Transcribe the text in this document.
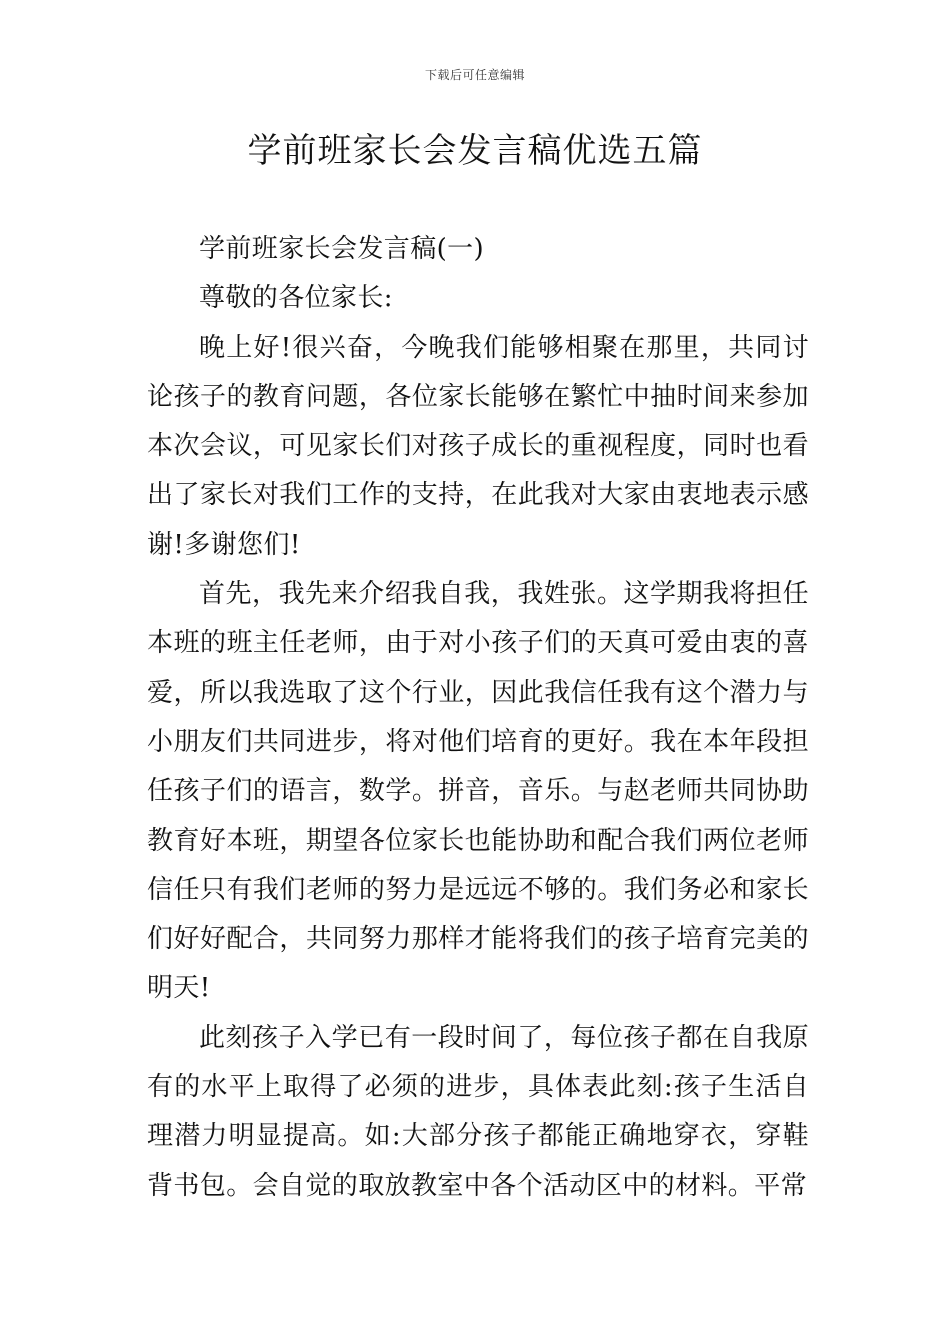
下载后可任意编辑
学前班家长会发言稿优选五篇

学前班家长会发言稿(一)

尊敬的各位家长:

晚上好!很兴奋，今晚我们能够相聚在那里，共同讨论孩子的教育问题，各位家长能够在繁忙中抽时间来参加本次会议，可见家长们对孩子成长的重视程度，同时也看出了家长对我们工作的支持，在此我对大家由衷地表示感谢!多谢您们!

首先，我先来介绍我自我，我姓张。这学期我将担任本班的班主任老师，由于对小孩子们的天真可爱由衷的喜爱，所以我选取了这个行业，因此我信任我有这个潜力与小朋友们共同进步，将对他们培育的更好。我在本年段担任孩子们的语言，数学。拼音，音乐。与赵老师共同协助教育好本班，期望各位家长也能协助和配合我们两位老师信任只有我们老师的努力是远远不够的。我们务必和家长们好好配合，共同努力那样才能将我们的孩子培育完美的明天!

此刻孩子入学已有一段时间了，每位孩子都在自我原有的水平上取得了必须的进步，具体表此刻:孩子生活自理潜力明显提高。如:大部分孩子都能正确地穿衣，穿鞋背书包。会自觉的取放教室中各个活动区中的材料。平常
